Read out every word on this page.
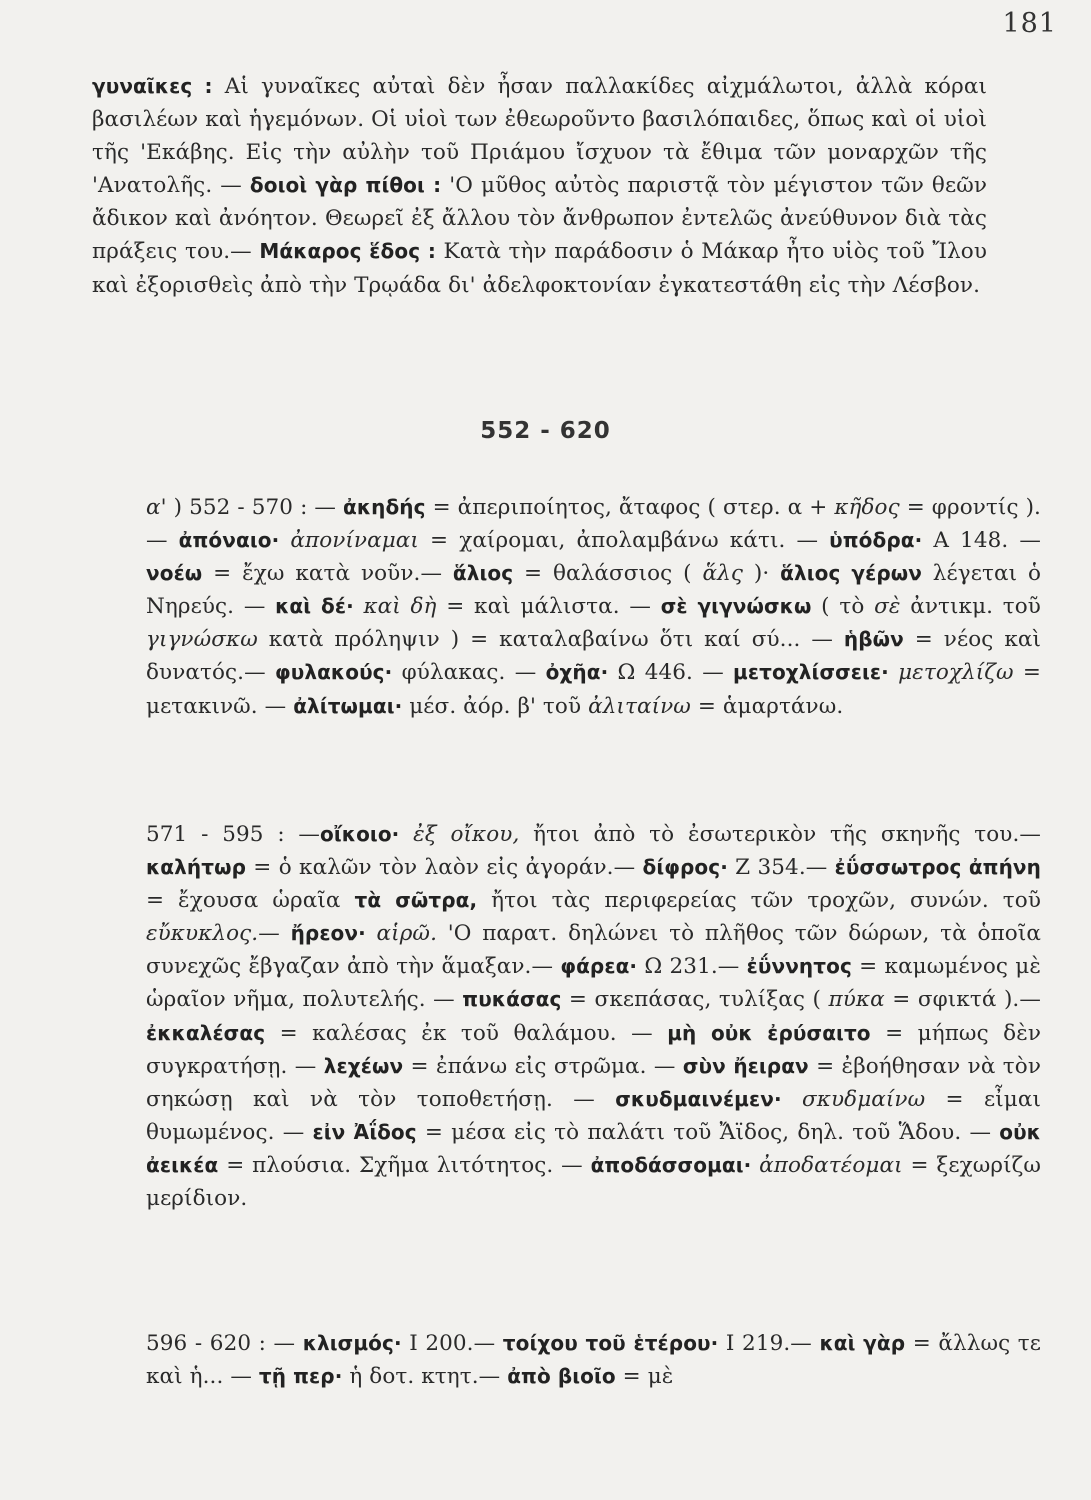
181
γυναῖκες : Αἱ γυναῖκες αὐταὶ δὲν ἦσαν παλλακίδες αἰχμάλωτοι, ἀλλὰ κόραι βασιλέων καὶ ἡγεμόνων. Οἱ υἱοὶ των ἐθεωροῦντο βασιλόπαιδες, ὅπως καὶ οἱ υἱοὶ τῆς 'Εκάβης. Εἰς τὴν αὐλὴν τοῦ Πριάμου ἴσχυον τὰ ἔθιμα τῶν μοναρχῶν τῆς 'Ανατολῆς. — δοιοὶ γὰρ πίθοι : 'Ο μῦθος αὐτὸς παριστᾷ τὸν μέγιστον τῶν θεῶν ἄδικον καὶ ἀνόητον. Θεωρεῖ ἐξ ἄλλου τὸν ἄνθρωπον ἐντελῶς ἀνεύθυνον διὰ τὰς πράξεις του.— Μάκαρος ἕδος : Κατὰ τὴν παράδοσιν ὁ Μάκαρ ἦτο υἱὸς τοῦ Ἴλου καὶ ἐξορισθεὶς ἀπὸ τὴν Τρῳάδα δι' ἀδελφοκτονίαν ἐγκατεστάθη εἰς τὴν Λέσβον.
552 - 620
α' ) 552 - 570 : — ἀκηδής = ἀπεριποίητος, ἄταφος ( στερ. α + κῆδος = φροντίς ). — ἀπόναιο· ἀπονίναμαι = χαίρομαι, ἀπολαμβάνω κάτι. — ὑπόδρα· Α 148. — νοέω = ἔχω κατὰ νοῦν.— ἅλιος = θαλάσσιος ( ἅλς )· ἅλιος γέρων λέγεται ὁ Νηρεύς. — καὶ δέ· καὶ δὴ = καὶ μάλιστα. — σὲ γιγνώσκω ( τὸ σὲ ἀντικμ. τοῦ γιγνώσκω κατὰ πρόληψιν ) = καταλαβαίνω ὅτι καί σύ... — ἡβῶν = νέος καὶ δυνατός.— φυλακούς· φύλακας. — ὀχῆα· Ω 446. — μετοχλίσσειε· μετοχλίζω = μετακινῶ. — ἀλίτωμαι· μέσ. ἀόρ. β' τοῦ ἀλιταίνω = ἁμαρτάνω.
571 - 595 : —οἴκοιο· ἐξ οἴκου, ἤτοι ἀπὸ τὸ ἐσωτερικὸν τῆς σκηνῆς του.— καλήτωρ = ὁ καλῶν τὸν λαὸν εἰς ἀγοράν.— δίφρος· Ζ 354.— ἐΰσσωτρος ἀπήνη = ἔχουσα ὡραῖα τὰ σῶτρα, ἤτοι τὰς περιφερείας τῶν τροχῶν, συνών. τοῦ εὔκυκλος.— ἤρεον· αἱρῶ. 'Ο παρατ. δηλώνει τὸ πλῆθος τῶν δώρων, τὰ ὁποῖα συνεχῶς ἔβγαζαν ἀπὸ τὴν ἅμαξαν.— φάρεα· Ω 231.— ἐΰννητος = καμωμένος μὲ ὡραῖον νῆμα, πολυτελής. — πυκάσας = σκεπάσας, τυλίξας ( πύκα = σφικτά ).— ἐκκαλέσας = καλέσας ἐκ τοῦ θαλάμου. — μὴ οὐκ ἐρύσαιτο = μήπως δὲν συγκρατήσῃ. — λεχέων = ἐπάνω εἰς στρῶμα. — σὺν ἤειραν = ἐβοήθησαν νὰ τὸν σηκώσῃ καὶ νὰ τὸν τοποθετήσῃ. — σκυδμαινέμεν· σκυδμαίνω = εἶμαι θυμωμένος. — εἰν Ἀΐδος = μέσα εἰς τὸ παλάτι τοῦ Ἄϊδος, δηλ. τοῦ Ἅδου. — οὐκ ἀεικέα = πλούσια. Σχῆμα λιτότητος. — ἀποδάσσομαι· ἀποδατέομαι = ξεχωρίζω μερίδιον.
596 - 620 : — κλισμός· Ι 200.— τοίχου τοῦ ἑτέρου· Ι 219.— καὶ γὰρ = ἄλλως τε καὶ ἡ... — τῇ περ· ἡ δοτ. κτητ.— ἀπὸ βιοῖο = μὲ
